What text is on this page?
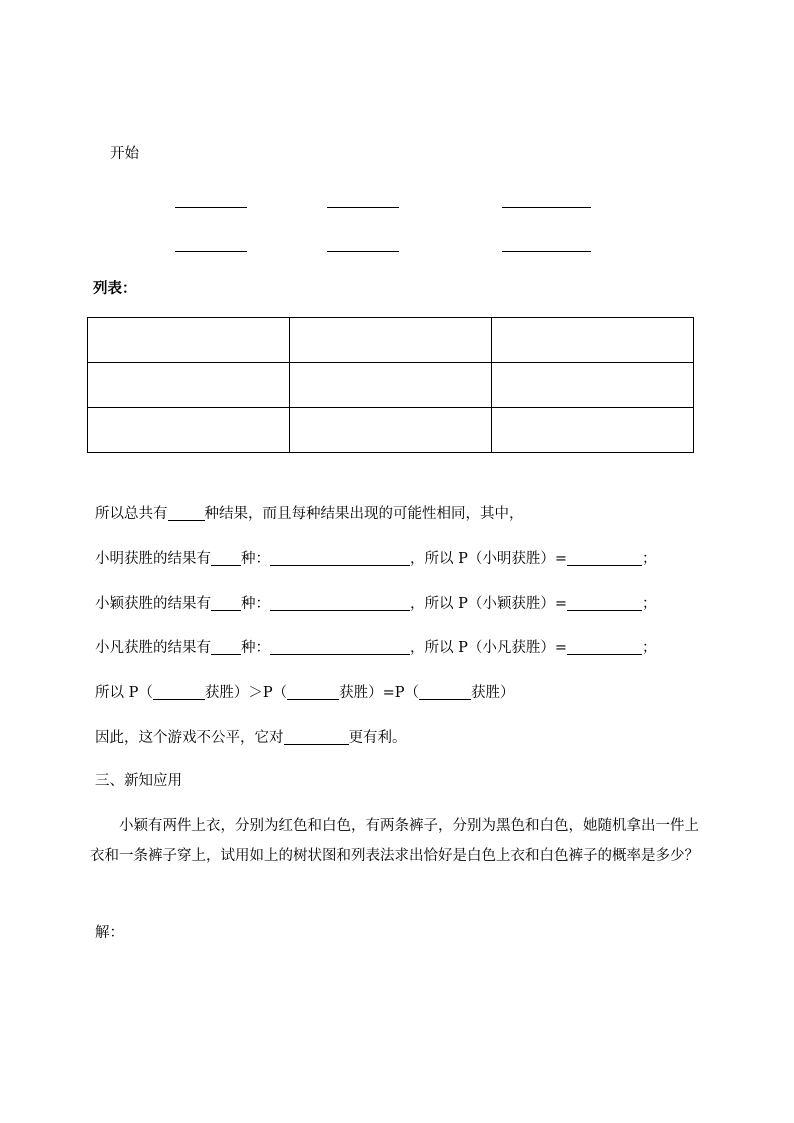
开始
列表：

所以总共有	种结果，而且每种结果出现的可能性相同，其中，
小明获胜的结果有 种：	，所以 P（小明获胜）=	；
小颖获胜的结果有 种：	，所以 P（小颖获胜）=	；
小凡获胜的结果有 种：	，所以 P（小凡获胜）=	；
所以 P（	获胜）＞P（	获胜）=P（	获胜）
因此，这个游戏不公平，它对	更有利。
三、新知应用
小颖有两件上衣，分别为红色和白色，有两条裤子，分别为黑色和白色，她随机拿出一件上衣和一条裤子穿上，试用如上的树状图和列表法求出恰好是白色上衣和白色裤子的概率是多少？
解：
